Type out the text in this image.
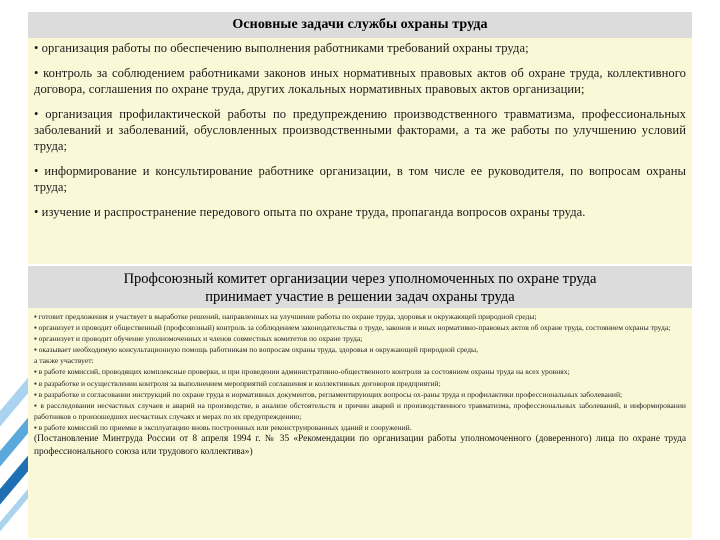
Основные задачи службы охраны труда

• организация работы по обеспечению выполнения работниками требований охраны труда;

• контроль за соблюдением работниками законов иных нормативных правовых актов об охране труда, коллективного договора, соглашения по охране труда, других локальных нормативных правовых актов организации;

• организация профилактической работы по предупреждению производственного травматизма, профессиональных заболеваний и заболеваний, обусловленных производственными факторами, а та же работы по улучшению условий труда;

• информирование и консультирование работнике организации, в том числе ее руководителя, по вопросам охраны труда;

• изучение и распространение передового опыта по охране труда, пропаганда вопросов охраны труда.

Профсоюзный комитет организации через уполномоченных по охране труда
принимает участие в решении задач охраны труда

▪ готовит предложения и участвует в выработке решений, направленных на улучшение работы по охране труда, здоровья и окружающей природной среды;

▪ организует и проводит общественный (профсоюзный) контроль за соблюдением законодательства о труде, законов и иных нормативно-правовых актов об охране труда, состоянием охраны труда;

▪ организует и проводит обучение уполномоченных и членов совместных комитетов по охране труда;

▪ оказывает необходимую консультационную помощь работникам по вопросам охраны труда, здоровья и окружающей природной среды,

а также участвует:

▪ в работе комиссий, проводящих комплексные проверки, и при проведении административно-общественного контроля за состоянием охраны труда на всех уровнях;

▪ в разработке и осуществлении контроля за выполнением мероприятий соглашения и коллективных договоров предприятий;

▪ в разработке и согласовании инструкций по охране труда и нормативных документов, регламентирующих вопросы ох-раны труда и профилактики профессиональных заболеваний;

▪ в расследовании несчастных случаев и аварий на производстве, в анализе обстоятельств и причин аварий и производственного травматизма, профессиональных заболеваний, в информировании работников о произошедших несчастных случаях и мерах по их предупреждению;

▪ в работе комиссий по приемке в эксплуатацию вновь построенных или реконструированных зданий и сооружений.

(Постановление Минтруда России от 8 апреля 1994 г. № 35 «Рекомендации по организации работы уполномоченного (доверенного) лица по охране труда профессионального союза или трудового коллектива»)
